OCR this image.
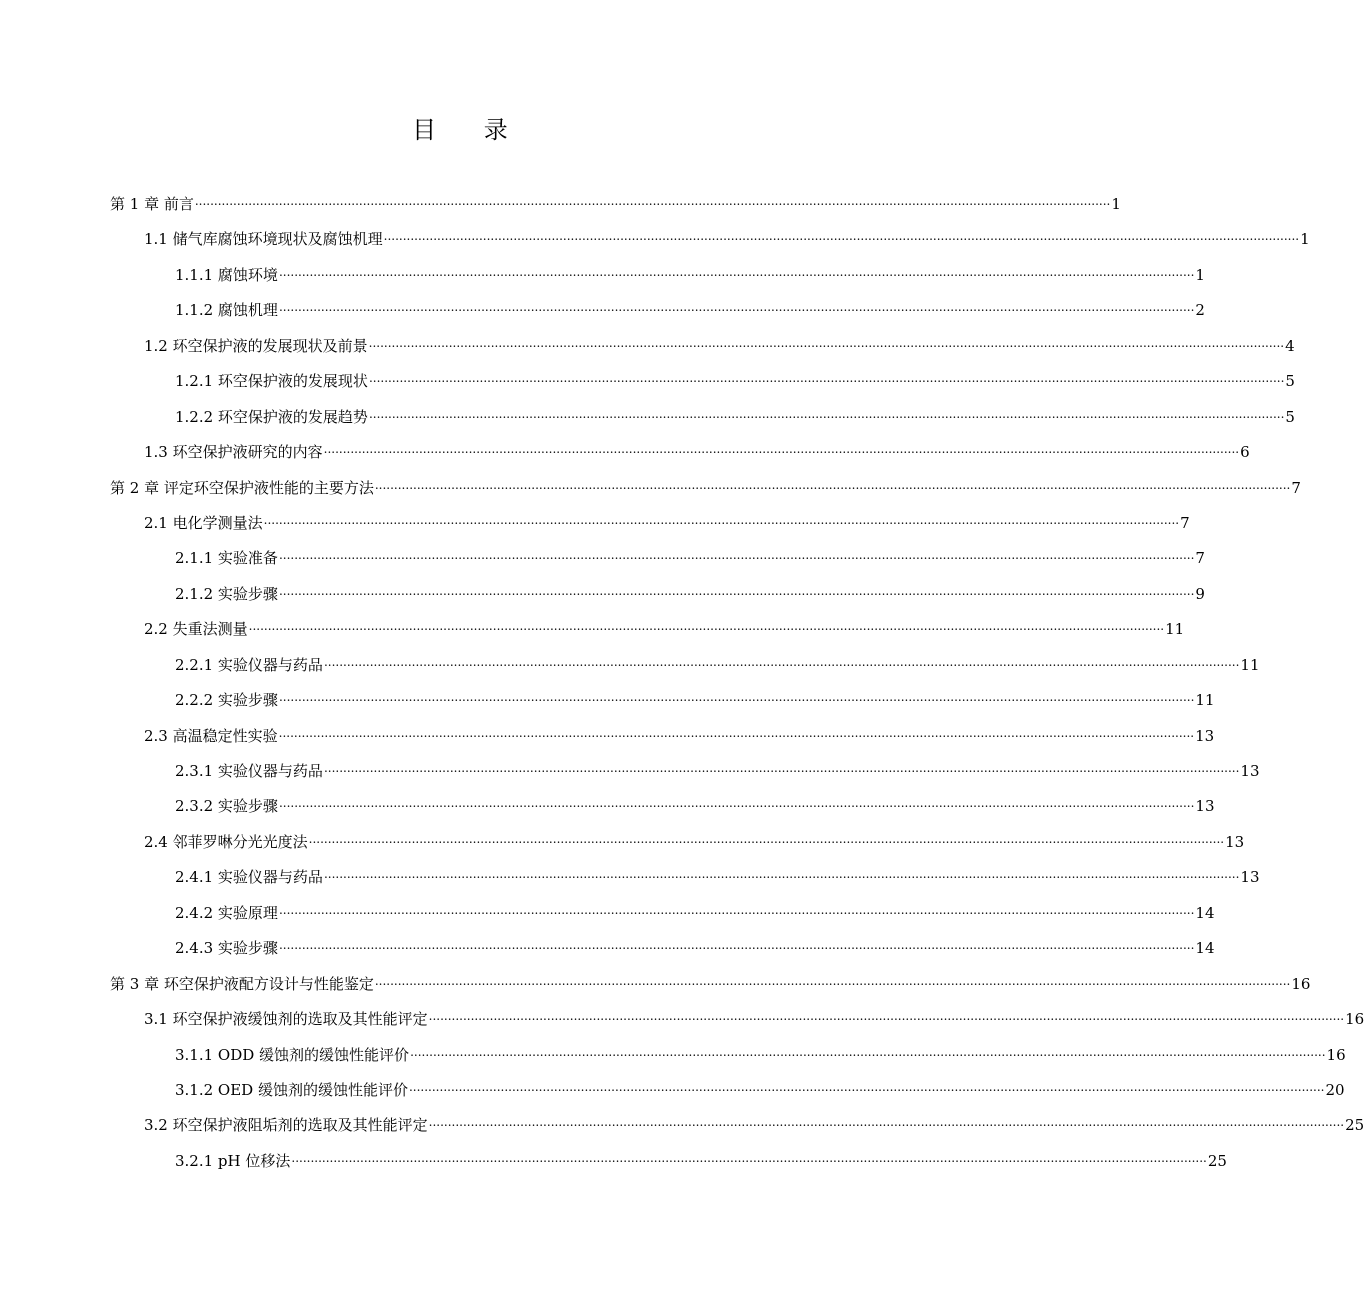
目 录
第 1 章 前言 ................................................................................................................................................................................................................................................ 1
1.1 储气库腐蚀环境现状及腐蚀机理 ................................................................................................................................................................................................................................................ 1
1.1.1 腐蚀环境 ................................................................................................................................................................................................................................................ 1
1.1.2 腐蚀机理 ................................................................................................................................................................................................................................................ 2
1.2 环空保护液的发展现状及前景 ................................................................................................................................................................................................................................................ 4
1.2.1 环空保护液的发展现状 ................................................................................................................................................................................................................................................ 5
1.2.2 环空保护液的发展趋势 ................................................................................................................................................................................................................................................ 5
1.3 环空保护液研究的内容 ................................................................................................................................................................................................................................................ 6
第 2 章 评定环空保护液性能的主要方法 ................................................................................................................................................................................................................................................ 7
2.1 电化学测量法 ................................................................................................................................................................................................................................................ 7
2.1.1 实验准备 ................................................................................................................................................................................................................................................ 7
2.1.2 实验步骤 ................................................................................................................................................................................................................................................ 9
2.2 失重法测量 ................................................................................................................................................................................................................................................ 11
2.2.1 实验仪器与药品 ................................................................................................................................................................................................................................................ 11
2.2.2 实验步骤 ................................................................................................................................................................................................................................................ 11
2.3 高温稳定性实验 ................................................................................................................................................................................................................................................ 13
2.3.1 实验仪器与药品 ................................................................................................................................................................................................................................................ 13
2.3.2 实验步骤 ................................................................................................................................................................................................................................................ 13
2.4 邻菲罗啉分光光度法 ................................................................................................................................................................................................................................................ 13
2.4.1 实验仪器与药品 ................................................................................................................................................................................................................................................ 13
2.4.2 实验原理 ................................................................................................................................................................................................................................................ 14
2.4.3 实验步骤 ................................................................................................................................................................................................................................................ 14
第 3 章 环空保护液配方设计与性能鉴定 ................................................................................................................................................................................................................................................ 16
3.1 环空保护液缓蚀剂的选取及其性能评定 ................................................................................................................................................................................................................................................ 16
3.1.1 ODD 缓蚀剂的缓蚀性能评价 ................................................................................................................................................................................................................................................ 16
3.1.2 OED 缓蚀剂的缓蚀性能评价 ................................................................................................................................................................................................................................................ 20
3.2 环空保护液阻垢剂的选取及其性能评定 ................................................................................................................................................................................................................................................ 25
3.2.1 pH 位移法 ................................................................................................................................................................................................................................................ 25
